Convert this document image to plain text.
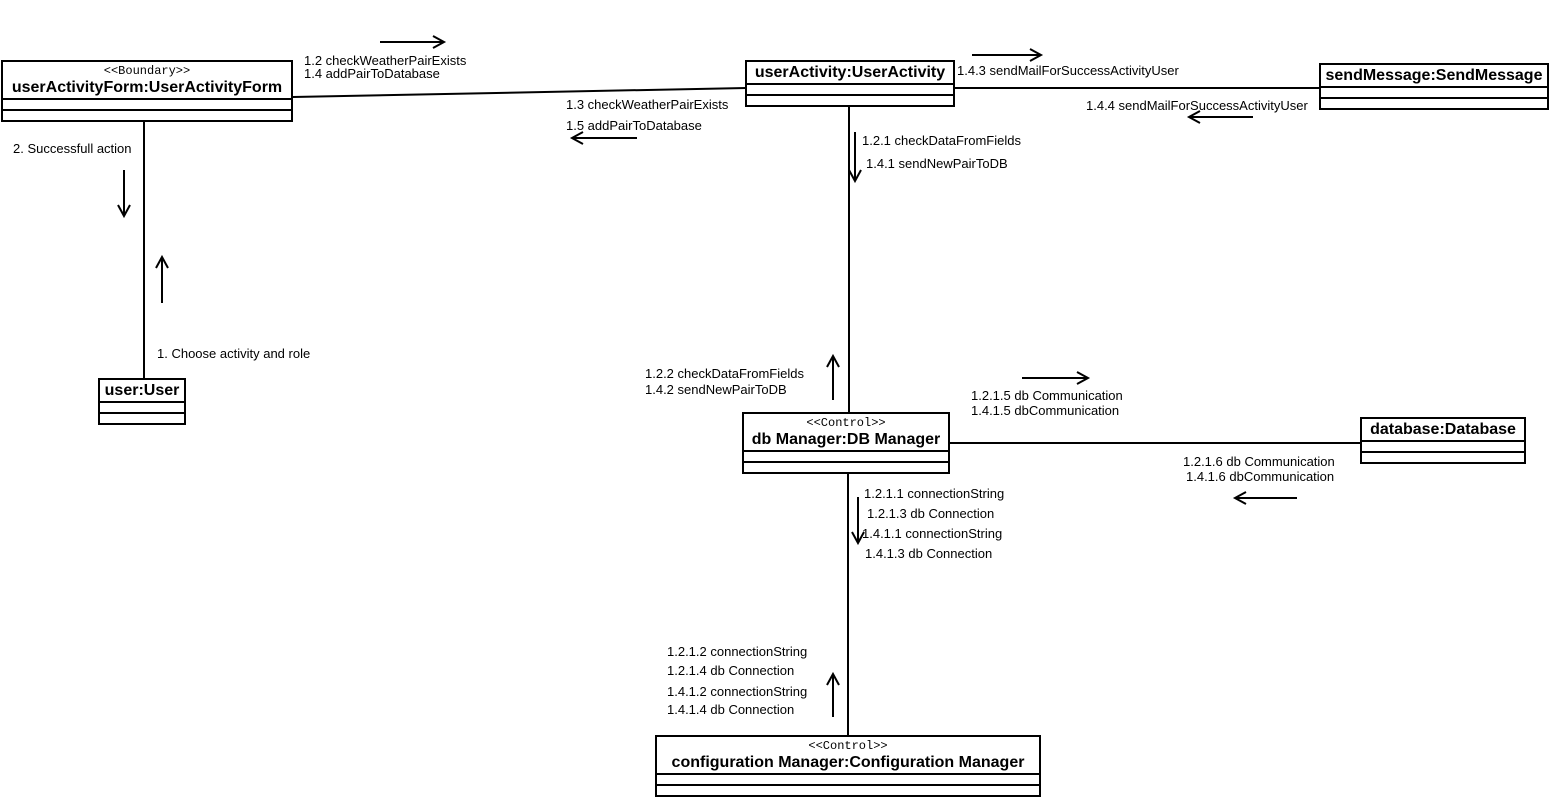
<<Boundary>>
userActivityForm:UserActivityForm
userActivity:UserActivity	sendMessage:SendMessage
<<Control>>
db Manager:DB Manager
database:Database
<<Control>>
configuration Manager:Configuration Manager
user:User
1.2 checkWeatherPairExists
1.4 addPairToDatabase
1.3 checkWeatherPairExists
1.5 addPairToDatabase
1.4.3 sendMailForSuccessActivityUser
1.4.4 sendMailForSuccessActivityUser
1.2.1 checkDataFromFields
1.4.1 sendNewPairToDB
1.2.2 checkDataFromFields
1.4.2 sendNewPairToDB	1.2.1.5 db Communication
1.4.1.5 dbCommunication
1.2.1.6 db Communication
1.4.1.6 dbCommunication
1.2.1.1 connectionString
1.2.1.3 db Connection
1.4.1.1 connectionString
1.4.1.3 db Connection
1.2.1.2 connectionString
1.2.1.4 db Connection
1.4.1.2 connectionString
1.4.1.4 db Connection
2. Successfull action
1. Choose activity and role
